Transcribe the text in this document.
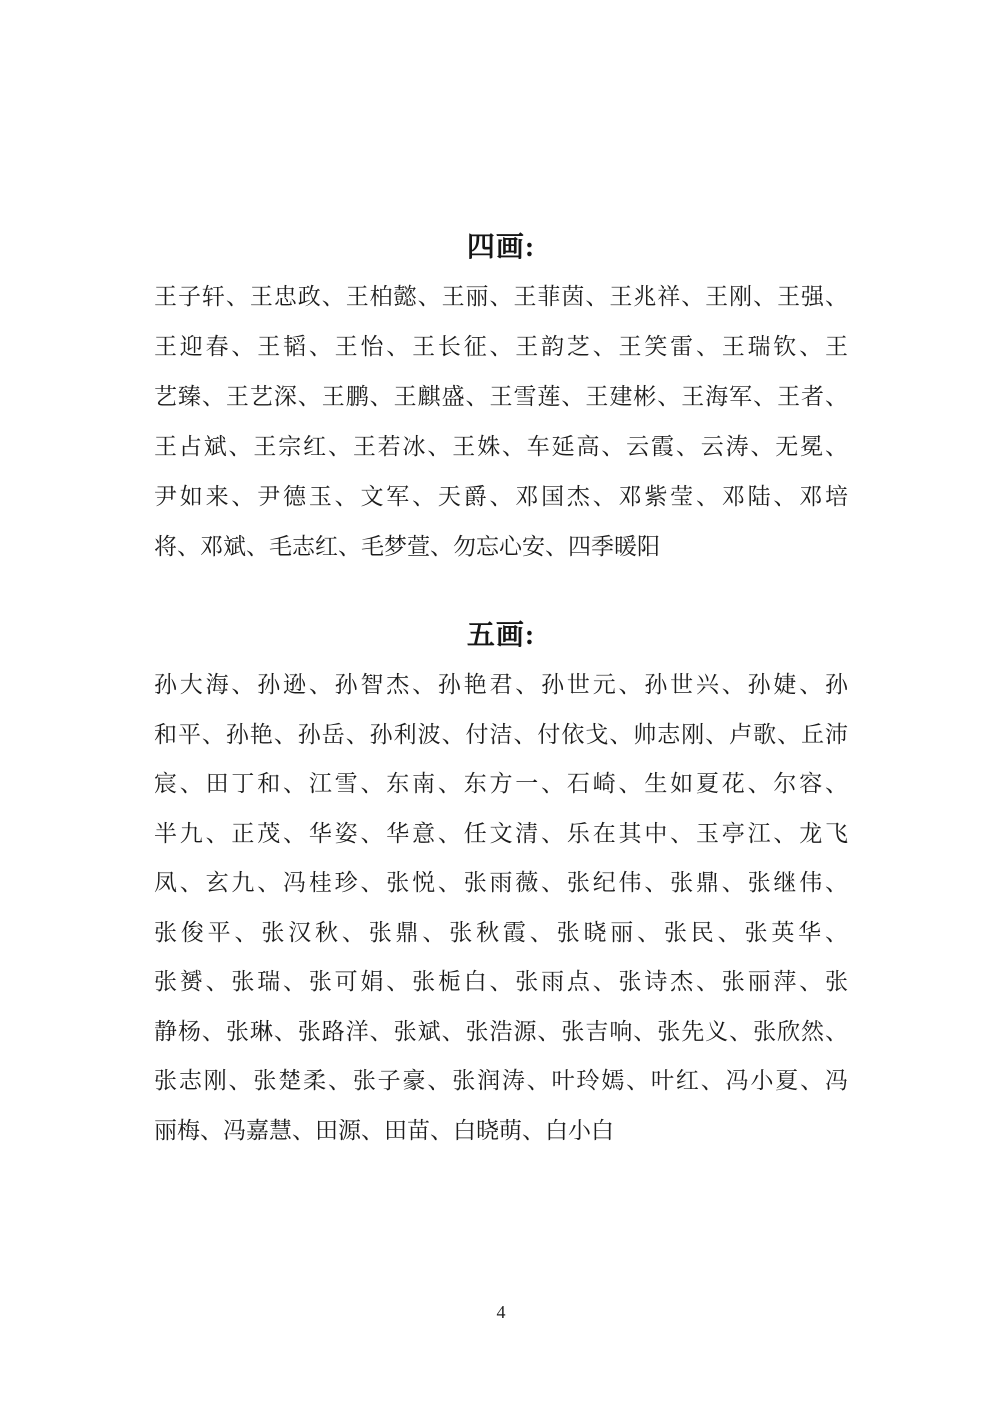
四画:
王子轩、王忠政、王柏懿、王丽、王菲茵、王兆祥、王刚、王强、
王迎春、王韬、王怡、王长征、王韵芝、王笑雷、王瑞钦、王
艺臻、王艺深、王鹏、王麒盛、王雪莲、王建彬、王海军、王者、
王占斌、王宗红、王若冰、王姝、车延高、云霞、云涛、无冕、
尹如来、尹德玉、文军、天爵、邓国杰、邓紫莹、邓陆、邓培
将、邓斌、毛志红、毛梦萱、勿忘心安、四季暖阳
五画:
孙大海、孙逊、孙智杰、孙艳君、孙世元、孙世兴、孙婕、孙
和平、孙艳、孙岳、孙利波、付洁、付依戈、帅志刚、卢歌、丘沛
宸、田丁和、江雪、东南、东方一、石崎、生如夏花、尔容、
半九、正茂、华姿、华意、任文清、乐在其中、玉亭江、龙飞
凤、玄九、冯桂珍、张悦、张雨薇、张纪伟、张鼎、张继伟、
张俊平、张汉秋、张鼎、张秋霞、张晓丽、张民、张英华、
张赟、张瑞、张可娟、张栀白、张雨点、张诗杰、张丽萍、张
静杨、张琳、张路洋、张斌、张浩源、张吉响、张先义、张欣然、
张志刚、张楚柔、张子豪、张润涛、叶玲嫣、叶红、冯小夏、冯
丽梅、冯嘉慧、田源、田苗、白晓萌、白小白
4
